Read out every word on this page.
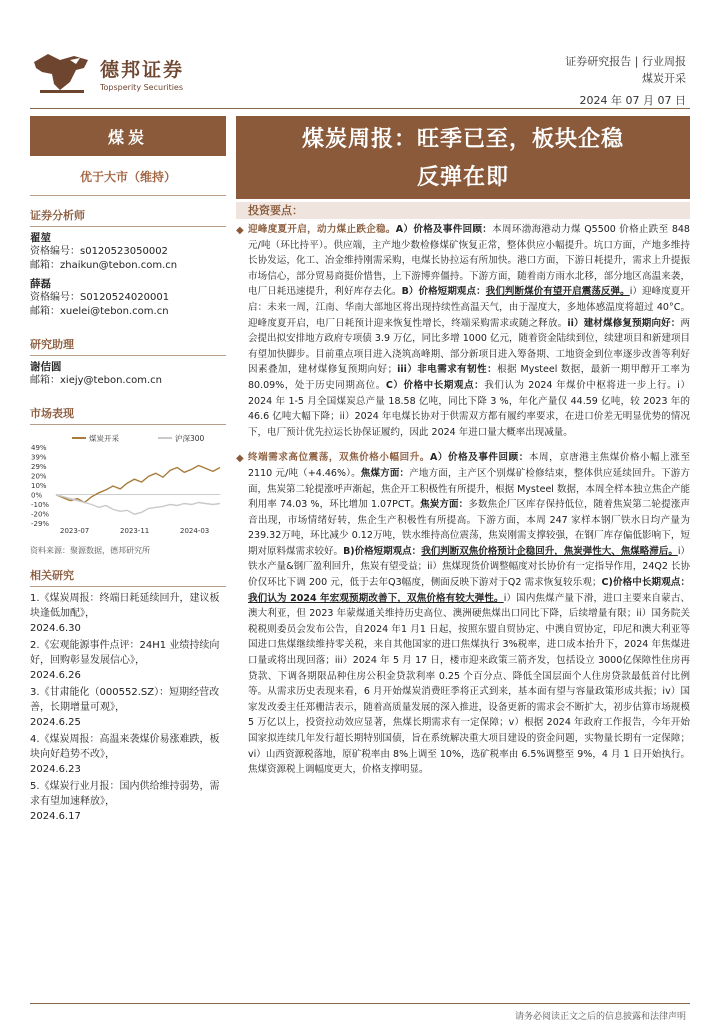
德邦证券
Topsperity Securities
证券研究报告 | 行业周报
煤炭开采
2024 年 07 月 07 日
煤炭
优于大市（维持）
证券分析师
翟堃
资格编号：s0120523050002
邮箱：zhaikun@tebon.com.cn
薛磊
资格编号：S0120524020001
邮箱：xuelei@tebon.com.cn
研究助理
谢佶圆
邮箱：xiejy@tebon.com.cn
市场表现
49%
39%
29%
20%
10%
0%
-10%
-20%
-29%
2023-07	2023-11	2024-03
煤炭开采	沪深300
资料来源：聚源数据，德邦研究所
相关研究
1.《煤炭周报：终端日耗延续回升，建议板块逢低加配》，
2024.6.30
2.《宏观能源事件点评：24H1 业绩持续向好，回购彰显发展信心》，
2024.6.26
3.《甘肃能化（000552.SZ）：短期经营改善，长期增量可观》，
2024.6.25
4.《煤炭周报：高温来袭煤价易涨难跌，板块向好趋势不改》，
2024.6.23
5.《煤炭行业月报：国内供给维持弱势，需求有望加速释放》，
2024.6.17
煤炭周报：旺季已至，板块企稳
反弹在即
投资要点：
◆ 迎峰度夏开启，动力煤止跌企稳。A）价格及事件回顾：本周环渤海港动力煤 Q5500 价格止跌至 848 元/吨（环比持平）。供应端，主产地少数检修煤矿恢复正常，整体供应小幅提升。坑口方面，产地多维持长协发运，化工、冶金维持刚需采购，电煤长协拉运有所加快。港口方面，下游日耗提升，需求上升提振市场信心，部分贸易商挺价惜售，上下游博弈僵持。下游方面，随着南方雨水北移，部分地区高温来袭，电厂日耗迅速提升，利好库存去化。B）价格短期观点：我们判断煤价有望开启震荡反弹。i）迎峰度夏开启：未来一周，江南、华南大部地区将出现持续性高温天气，由于湿度大，多地体感温度将超过 40°C。迎峰度夏开启，电厂日耗预计迎来恢复性增长，终端采购需求或随之释放。ii）建材煤修复预期向好：两会提出拟安排地方政府专项债 3.9 万亿，同比多增 1000 亿元，随着资金陆续到位，续建项目和新建项目有望加快脚步。目前重点项目进入浇筑高峰期、部分新项目进入筹备期、工地资金到位率逐步改善等利好因素叠加，建材煤修复预期向好；iii）非电需求有韧性：根据 Mysteel 数据，最新一期甲醇开工率为 80.09%，处于历史同期高位。C）价格中长期观点：我们认为 2024 年煤价中枢将进一步上行。i）2024 年 1-5 月全国煤炭总产量 18.58 亿吨，同比下降 3 %，年化产量仅 44.59 亿吨，较 2023 年的 46.6 亿吨大幅下降；ii）2024 年电煤长协对于供需双方都有履约率要求，在进口价差无明显优势的情况下，电厂预计优先拉运长协保证履约，因此 2024 年进口量大概率出现减量。
◆ 终端需求高位震荡，双焦价格小幅回升。A）价格及事件回顾：本周，京唐港主焦煤价格小幅上涨至 2110 元/吨（+4.46%）。焦煤方面：产地方面，主产区个别煤矿检修结束，整体供应延续回升。下游方面，焦炭第二轮提涨呼声渐起，焦企开工积极性有所提升，根据 Mysteel 数据，本周全样本独立焦企产能利用率 74.03 %，环比增加 1.07PCT。焦炭方面：多数焦企厂区库存保持低位，随着焦炭第二轮提涨声音出现，市场情绪好转，焦企生产积极性有所提高。下游方面，本周 247 家样本钢厂铁水日均产量为 239.32万吨，环比减少 0.12万吨，铁水维持高位震荡，焦炭刚需支撑较强，在钢厂库存偏低影响下，短期对原料煤需求较好。B)价格短期观点：我们判断双焦价格预计企稳回升，焦炭弹性大、焦煤略滞后。i）铁水产量&钢厂盈利回升，焦炭有望受益；ii）焦煤现货价调整幅度对长协价有一定指导作用，24Q2 长协价仅环比下调 200 元，低于去年Q3幅度，侧面反映下游对于Q2 需求恢复较乐观；C)价格中长期观点：我们认为 2024 年宏观预期改善下，双焦价格有较大弹性。i）国内焦煤产量下滑，进口主要来自蒙古、澳大利亚，但 2023 年蒙煤通关维持历史高位、澳洲硬焦煤出口同比下降，后续增量有限；ii）国务院关税税则委员会发布公告，自2024 年1 月1 日起，按照东盟自贸协定、中澳自贸协定，印尼和澳大利亚等国进口焦煤继续维持零关税，来自其他国家的进口焦煤执行 3%税率，进口成本抬升下，2024 年焦煤进口量或将出现回落；iii）2024 年 5 月 17 日，楼市迎来政策三箭齐发，包括设立 3000亿保障性住房再贷款、下调各期限品种住房公积金贷款利率 0.25 个百分点、降低全国层面个人住房贷款最低首付比例等。从需求历史表现来看，6 月开始煤炭消费旺季将正式到来，基本面有望与容量政策形成共振；iv）国家发改委主任郑栅洁表示，随着高质量发展的深入推进，设备更新的需求会不断扩大，初步估算市场规模 5 万亿以上，投资拉动效应显著，焦煤长期需求有一定保障；v）根据 2024 年政府工作报告，今年开始国家拟连续几年发行超长期特别国债，旨在系统解决重大项目建设的资金问题，实物量长期有一定保障；vi）山西资源税落地，原矿税率由 8%上调至 10%，选矿税率由 6.5%调整至 9%，4 月 1 日开始执行。焦煤资源税上调幅度更大，价格支撑明显。
请务必阅读正文之后的信息披露和法律声明
